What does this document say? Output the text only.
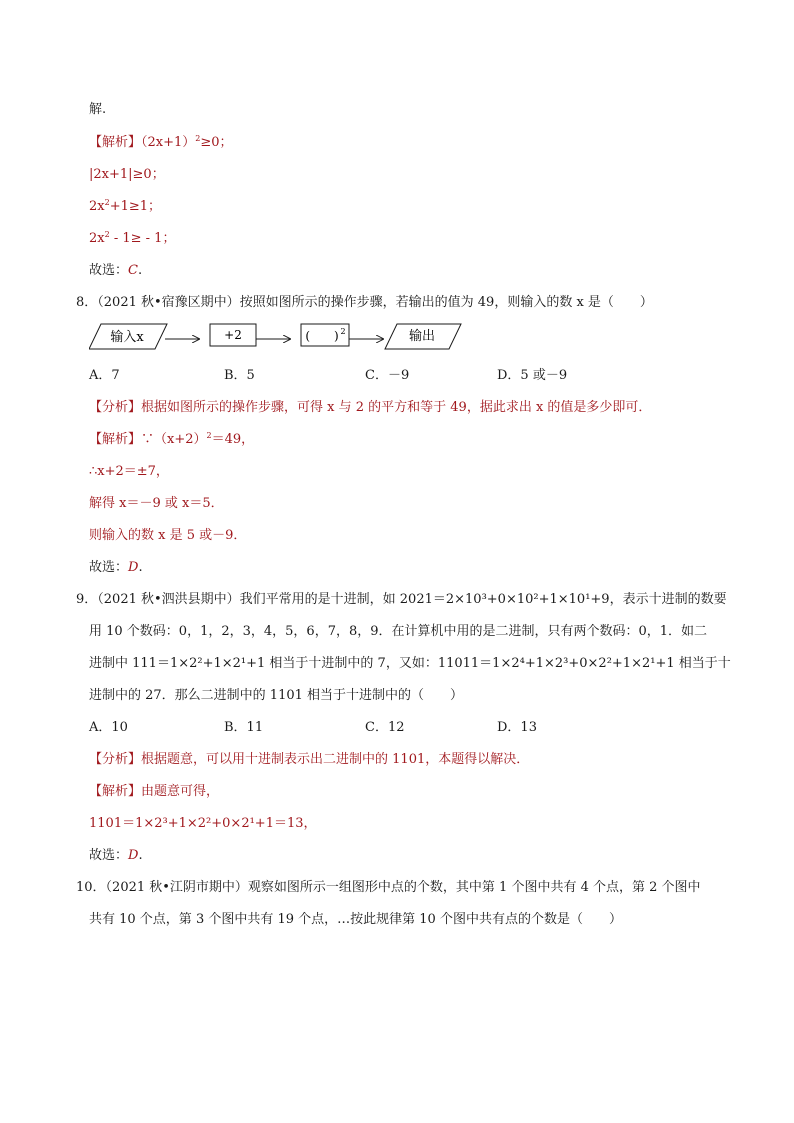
解.
【解析】$(2x+1)^2\ge 0$；
|2x+1|≥0；
$2x^2+1\ge 1$；
$2x^2 - 1\ge - 1$；
故选：C.
8．（2021 秋•宿豫区期中）按照如图所示的操作步骤，若输出的值为 49，则输入的数 x 是（　　）
输入x	+2	(　　) 2	输出
A．7	B．5	C．－9	D．5 或－9
【分析】根据如图所示的操作步骤，可得 x 与 2 的平方和等于 49，据此求出 x 的值是多少即可．
【解析】$\because(x+2)^2=49$，
∴x+2＝±7，
解得 x＝－9 或 x＝5．
则输入的数 x 是 5 或－9．
故选：D.
9．（2021 秋•泗洪县期中）我们平常用的是十进制，如 2021＝2×10³+0×10²+1×10¹+9，表示十进制的数要
用 10 个数码：0，1，2，3，4，5，6，7，8，9．在计算机中用的是二进制，只有两个数码：0，1．如二
进制中 111＝1×2²+1×2¹+1 相当于十进制中的 7，又如：11011＝1×2⁴+1×2³+0×2²+1×2¹+1 相当于十
进制中的 27．那么二进制中的 1101 相当于十进制中的（　　）
A．10	B．11	C．12	D．13
【分析】根据题意，可以用十进制表示出二进制中的 1101，本题得以解决．
【解析】由题意可得，
1101＝1×2³+1×2²+0×2¹+1＝13，
故选：D.
10．（2021 秋•江阴市期中）观察如图所示一组图形中点的个数，其中第 1 个图中共有 4 个点，第 2 个图中
共有 10 个点，第 3 个图中共有 19 个点，…按此规律第 10 个图中共有点的个数是（　　）
